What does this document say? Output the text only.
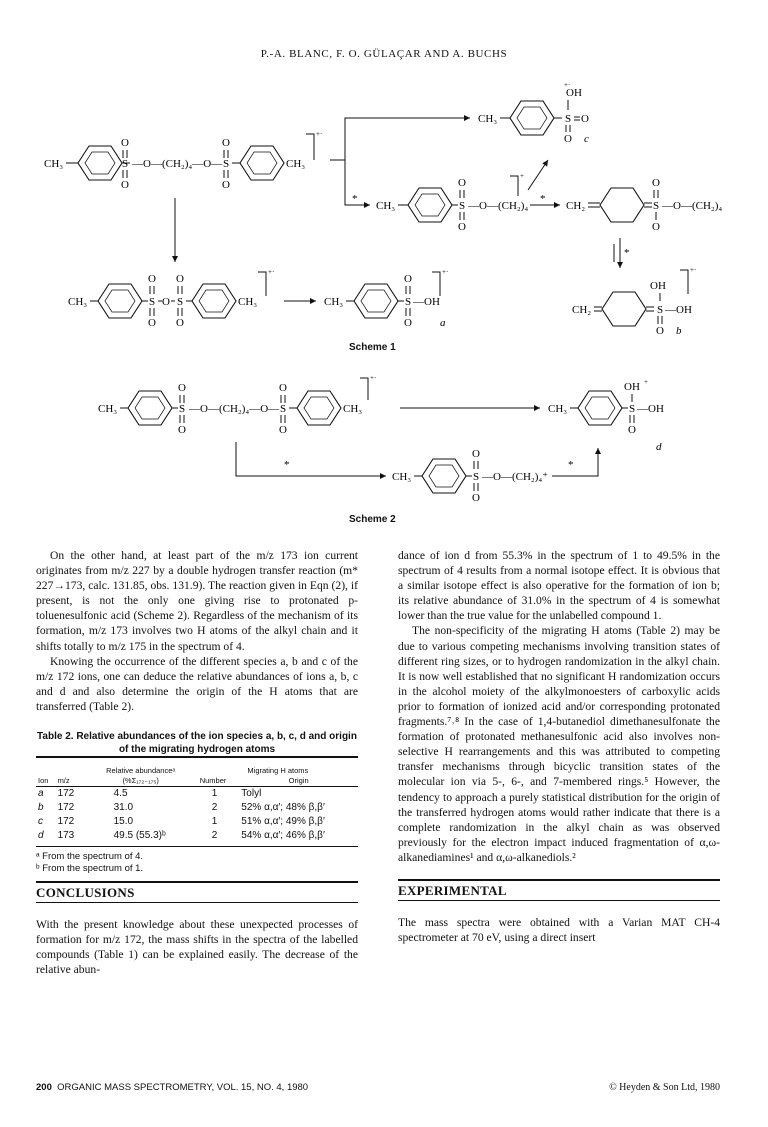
P.-A. BLANC, F. O. GÜLAÇAR AND A. BUCHS
CH₃
O
S
O
—O—(CH₂)₄—O—
O
S
O
CH₃
+·
*
CH₃
OH
+·
S O
O c
CH₃
O
S
O
—O—(CH₂)₄
+
*
CH₂
O
S
O
—O—(CH₂)₄
*
CH₃
O
S
O
O
O
S
O
CH₃
+·
CH₃
O
S
O
—OH
a
+·
CH₂
OH
S —OH
O b
+·
CH₃
O
S
O
—O—(CH₂)₄—O—
O
S
O
CH₃
+·
CH₃
OH +
S —OH
O
d
*
CH₃
O
S
O
—O—(CH₂)₄⁺
*
Scheme 1
Scheme 2

On the other hand, at least part of the m/z 173 ion current originates from m/z 227 by a double hydrogen transfer reaction (m* 227→173, calc. 131.85, obs. 131.9). The reaction given in Eqn (2), if present, is not the only one giving rise to protonated p-toluenesulfonic acid (Scheme 2). Regardless of the mechanism of its formation, m/z 173 involves two H atoms of the alkyl chain and it shifts totally to m/z 175 in the spectrum of 4.

Knowing the occurrence of the different species a, b and c of the m/z 172 ions, one can deduce the relative abundances of ions a, b, c and d and also determine the origin of the H atoms that are transferred (Table 2).

Table 2. Relative abundances of the ion species a, b, c, d and origin of the migrating hydrogen atoms

		Relative abundanceᵃ	Migrating H atoms	
Ion	m/z	(%Σ₁₇₂₋₁₇₅)	Number	Origin
a	172	4.5	1	Tolyl
b	172	31.0	2	52% α,α′; 48% β,β′
c	172	15.0	1	51% α,α′; 49% β,β′
d	173	49.5 (55.3)ᵇ	2	54% α,α′; 46% β,β′
ᵃ From the spectrum of 4.
ᵇ From the spectrum of 1.
CONCLUSIONS

With the present knowledge about these unexpected processes of formation for m/z 172, the mass shifts in the spectra of the labelled compounds (Table 1) can be explained easily. The decrease of the relative abun-

dance of ion d from 55.3% in the spectrum of 1 to 49.5% in the spectrum of 4 results from a normal isotope effect. It is obvious that a similar isotope effect is also operative for the formation of ion b; its relative abundance of 31.0% in the spectrum of 4 is somewhat lower than the true value for the unlabelled compound 1.

The non-specificity of the migrating H atoms (Table 2) may be due to various competing mechanisms involving transition states of different ring sizes, or to hydrogen randomization in the alkyl chain. It is now well established that no significant H randomization occurs in the alcohol moiety of the alkylmonoesters of carboxylic acids prior to formation of ionized acid and/or corresponding protonated fragments.⁷˒⁸ In the case of 1,4-butanediol dimethanesulfonate the formation of protonated methanesulfonic acid also involves non-selective H rearrangements and this was attributed to competing transfer mechanisms through bicyclic transition states of the molecular ion via 5-, 6-, and 7-membered rings.⁵ However, the tendency to approach a purely statistical distribution for the origin of the transferred hydrogen atoms would rather indicate that there is a complete randomization in the alkyl chain as was observed previously for the electron impact induced fragmentation of α,ω-alkanediamines¹ and α,ω-alkanediols.²

EXPERIMENTAL

The mass spectra were obtained with a Varian MAT CH-4 spectrometer at 70 eV, using a direct insert

200 ORGANIC MASS SPECTROMETRY, VOL. 15, NO. 4, 1980	© Heyden & Son Ltd, 1980
